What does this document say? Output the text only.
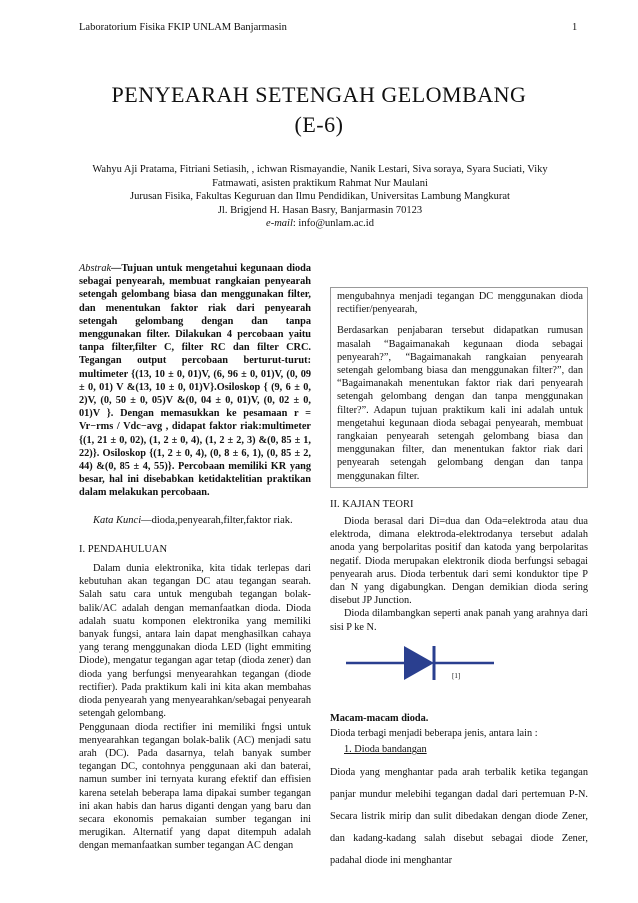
Laboratorium Fisika FKIP UNLAM Banjarmasin	1
PENYEARAH SETENGAH GELOMBANG
(E-6)
Wahyu Aji Pratama, Fitriani Setiasih, , ichwan Rismayandie, Nanik Lestari, Siva soraya, Syara Suciati, Viky
Fatmawati, asisten praktikum Rahmat Nur Maulani
Jurusan Fisika, Fakultas Keguruan dan Ilmu Pendidikan, Universitas Lambung Mangkurat
Jl. Brigjend H. Hasan Basry, Banjarmasin 70123
e-mail: info@unlam.ac.id

Abstrak—Tujuan untuk mengetahui kegunaan dioda sebagai penyearah, membuat rangkaian penyearah setengah gelombang biasa dan menggunakan filter, dan menentukan faktor riak dari penyearah setengah gelombang dengan dan tanpa menggunakan filter. Dilakukan 4 percobaan yaitu tanpa filter,filter C, filter RC dan filter CRC. Tegangan output percobaan berturut-turut: multimeter {(13, 10 ± 0, 01)V, (6, 96 ± 0, 01)V, (0, 09 ± 0, 01) V &(13, 10 ± 0, 01)V}.Osiloskop { (9, 6 ± 0, 2)V, (0, 50 ± 0, 05)V &(0, 04 ± 0, 01)V, (0, 02 ± 0, 01)V }. Dengan memasukkan ke pesamaan r = Vr−rms / Vdc−avg , didapat faktor riak:multimeter {(1, 21 ± 0, 02), (1, 2 ± 0, 4), (1, 2 ± 2, 3) &(0, 85 ± 1, 22)}. Osiloskop {(1, 2 ± 0, 4), (0, 8 ± 6, 1), (0, 85 ± 2, 44) &(0, 85 ± 4, 55)}. Percobaan memiliki KR yang besar, hal ini disebabkan ketidaktelitian praktikan dalam melakukan percobaan.

Kata Kunci—dioda,penyearah,filter,faktor riak.

I. PENDAHULUAN

Dalam dunia elektronika, kita tidak terlepas dari kebutuhan akan tegangan DC atau tegangan searah. Salah satu cara untuk mengubah tegangan bolak-balik/AC adalah dengan memanfaatkan dioda. Dioda adalah suatu komponen elektronika yang memiliki banyak fungsi, antara lain dapat menghasilkan cahaya yang terang menggunakan dioda LED (light emmiting Diode), mengatur tegangan agar tetap (dioda zener) dan dioda yang berfungsi menyearahkan tegangan (diode rectifier). Pada praktikum kali ini kita akan membahas dioda penyearah yang menyearahkan/sebagai penyearah setengah gelombang.

Penggunaan dioda rectifier ini memiliki fngsi untuk menyearahkan tegangan bolak-balik (AC) menjadi satu arah (DC). Pada dasarnya, telah banyak sumber tegangan DC, contohnya penggunaan aki dan baterai, namun sumber ini ternyata kurang efektif dan effisien karena setelah beberapa lama dipakai sumber tegangan ini akan habis dan harus diganti dengan yang baru dan secara ekonomis pemakaian sumber tegangan ini merugikan. Alternatif yang dapat ditempuh adalah dengan memanfaatkan sumber tegangan AC dengan

mengubahnya menjadi tegangan DC menggunakan dioda rectifier/penyearah,

Berdasarkan penjabaran tersebut didapatkan rumusan masalah “Bagaimanakah kegunaan dioda sebagai penyearah?”, “Bagaimanakah rangkaian penyearah setengah gelombang biasa dan menggunakan filter?”, dan “Bagaimanakah menentukan faktor riak dari penyearah setengah gelombang dengan dan tanpa menggunakan filter?”. Adapun tujuan praktikum kali ini adalah untuk mengetahui kegunaan dioda sebagai penyearah, membuat rangkaian penyearah setengah gelombang biasa dan menggunakan filter, dan menentukan faktor riak dari penyearah setengah gelombang dengan dan tanpa menggunakan filter.

II. KAJIAN TEORI

Dioda berasal dari Di=dua dan Oda=elektroda atau dua elektroda, dimana elektroda-elektrodanya tersebut adalah anoda yang berpolaritas positif dan katoda yang berpolaritas negatif. Dioda merupakan elektronik dioda berfungsi sebagai penyearah arus. Dioda terbentuk dari semi konduktor tipe P dan N yang digabungkan. Dengan demikian dioda sering disebut JP Junction.

Dioda dilambangkan seperti anak panah yang arahnya dari sisi P ke N.

[1]

Macam-macam dioda.

Dioda terbagi menjadi beberapa jenis, antara lain :

1. Dioda bandangan

Dioda yang menghantar pada arah terbalik ketika tegangan panjar mundur melebihi tegangan dadal dari pertemuan P-N. Secara listrik mirip dan sulit dibedakan dengan diode Zener, dan kadang-kadang salah disebut sebagai diode Zener, padahal diode ini menghantar
